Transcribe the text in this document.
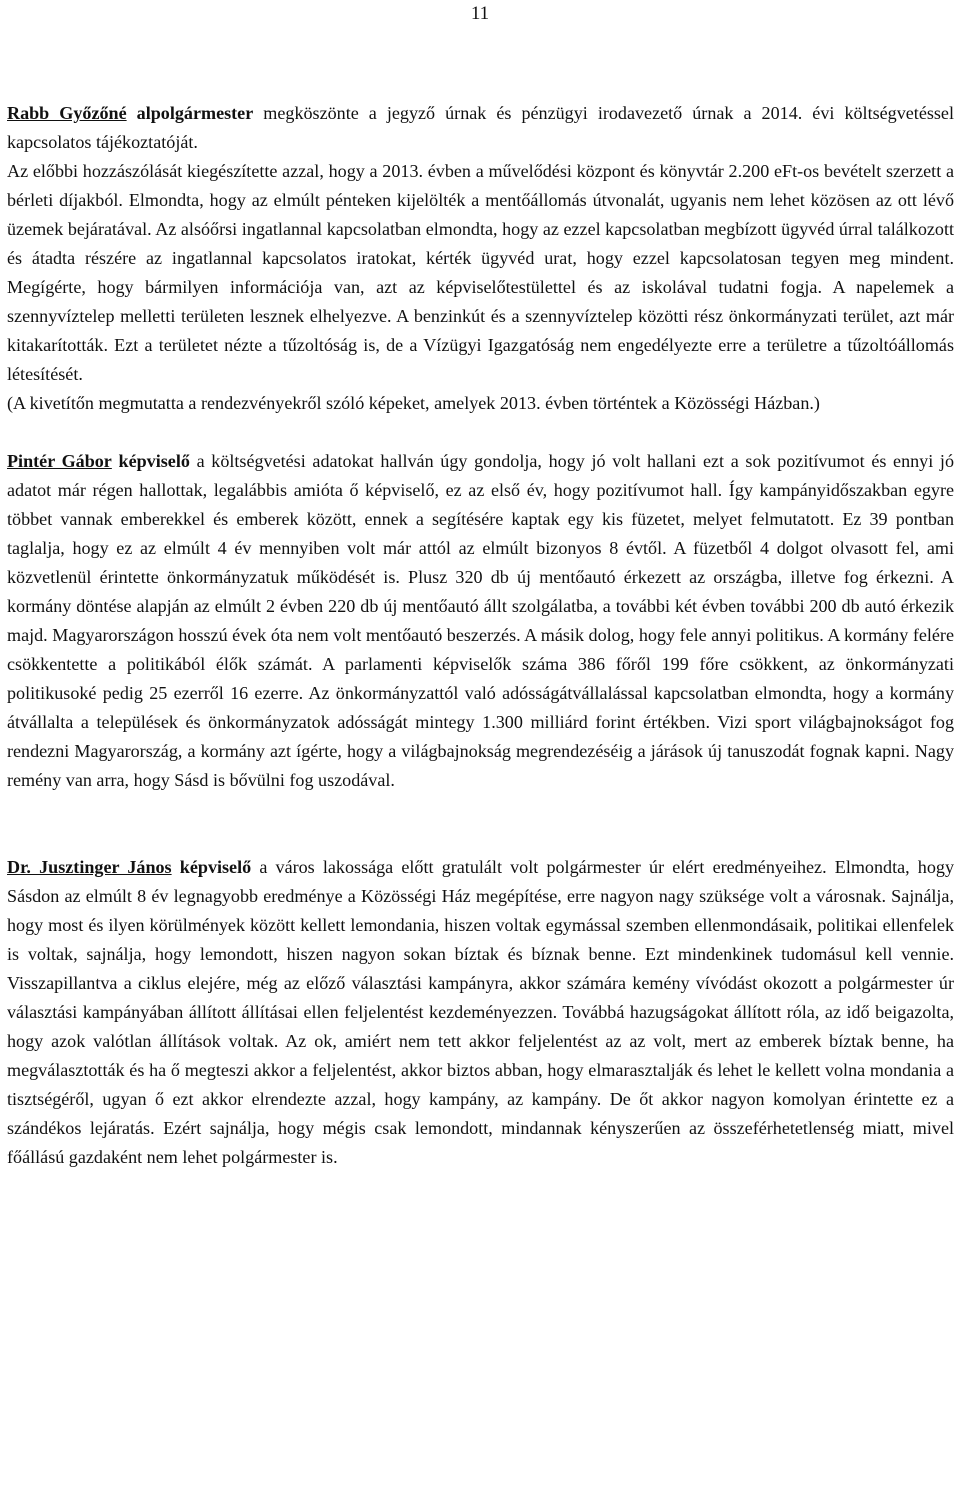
11

Rabb Győzőné alpolgármester megköszönte a jegyző úrnak és pénzügyi irodavezető úrnak a 2014. évi költségvetéssel kapcsolatos tájékoztatóját.

Az előbbi hozzászólását kiegészítette azzal, hogy a 2013. évben a művelődési központ és könyvtár 2.200 eFt-os bevételt szerzett a bérleti díjakból. Elmondta, hogy az elmúlt pénteken kijelölték a mentőállomás útvonalát, ugyanis nem lehet közösen az ott lévő üzemek bejáratával. Az alsóőrsi ingatlannal kapcsolatban elmondta, hogy az ezzel kapcsolatban megbízott ügyvéd úrral találkozott és átadta részére az ingatlannal kapcsolatos iratokat, kérték ügyvéd urat, hogy ezzel kapcsolatosan tegyen meg mindent. Megígérte, hogy bármilyen információja van, azt az képviselőtestülettel és az iskolával tudatni fogja. A napelemek a szennyvíztelep melletti területen lesznek elhelyezve. A benzinkút és a szennyvíztelep közötti rész önkormányzati terület, azt már kitakarították. Ezt a területet nézte a tűzoltóság is, de a Vízügyi Igazgatóság nem engedélyezte erre a területre a tűzoltóállomás létesítését.

(A kivetítőn megmutatta a rendezvényekről szóló képeket, amelyek 2013. évben történtek a Közösségi Házban.)

Pintér Gábor képviselő a költségvetési adatokat hallván úgy gondolja, hogy jó volt hallani ezt a sok pozitívumot és ennyi jó adatot már régen hallottak, legalábbis amióta ő képviselő, ez az első év, hogy pozitívumot hall. Így kampányidőszakban egyre többet vannak emberekkel és emberek között, ennek a segítésére kaptak egy kis füzetet, melyet felmutatott. Ez 39 pontban taglalja, hogy ez az elmúlt 4 év mennyiben volt már attól az elmúlt bizonyos 8 évtől. A füzetből 4 dolgot olvasott fel, ami közvetlenül érintette önkormányzatuk működését is. Plusz 320 db új mentőautó érkezett az országba, illetve fog érkezni. A kormány döntése alapján az elmúlt 2 évben 220 db új mentőautó állt szolgálatba, a további két évben további 200 db autó érkezik majd. Magyarországon hosszú évek óta nem volt mentőautó beszerzés. A másik dolog, hogy fele annyi politikus. A kormány felére csökkentette a politikából élők számát. A parlamenti képviselők száma 386 főről 199 főre csökkent, az önkormányzati politikusoké pedig 25 ezerről 16 ezerre. Az önkormányzattól való adósságátvállalással kapcsolatban elmondta, hogy a kormány átvállalta a települések és önkormányzatok adósságát mintegy 1.300 milliárd forint értékben. Vizi sport világbajnokságot fog rendezni Magyarország, a kormány azt ígérte, hogy a világbajnokság megrendezéséig a járások új tanuszodát fognak kapni. Nagy remény van arra, hogy Sásd is bővülni fog uszodával.

Dr. Jusztinger János képviselő a város lakossága előtt gratulált volt polgármester úr elért eredményeihez. Elmondta, hogy Sásdon az elmúlt 8 év legnagyobb eredménye a Közösségi Ház megépítése, erre nagyon nagy szüksége volt a városnak. Sajnálja, hogy most és ilyen körülmények között kellett lemondania, hiszen voltak egymással szemben ellenmondásaik, politikai ellenfelek is voltak, sajnálja, hogy lemondott, hiszen nagyon sokan bíztak és bíznak benne. Ezt mindenkinek tudomásul kell vennie. Visszapillantva a ciklus elejére, még az előző választási kampányra, akkor számára kemény vívódást okozott a polgármester úr választási kampányában állított állításai ellen feljelentést kezdeményezzen. Továbbá hazugságokat állított róla, az idő beigazolta, hogy azok valótlan állítások voltak. Az ok, amiért nem tett akkor feljelentést az az volt, mert az emberek bíztak benne, ha megválasztották és ha ő megteszi akkor a feljelentést, akkor biztos abban, hogy elmarasztalják és lehet le kellett volna mondania a tisztségéről, ugyan ő ezt akkor elrendezte azzal, hogy kampány, az kampány. De őt akkor nagyon komolyan érintette ez a szándékos lejáratás. Ezért sajnálja, hogy mégis csak lemondott, mindannak kényszerűen az összeférhetetlenség miatt, mivel főállású gazdaként nem lehet polgármester is.
